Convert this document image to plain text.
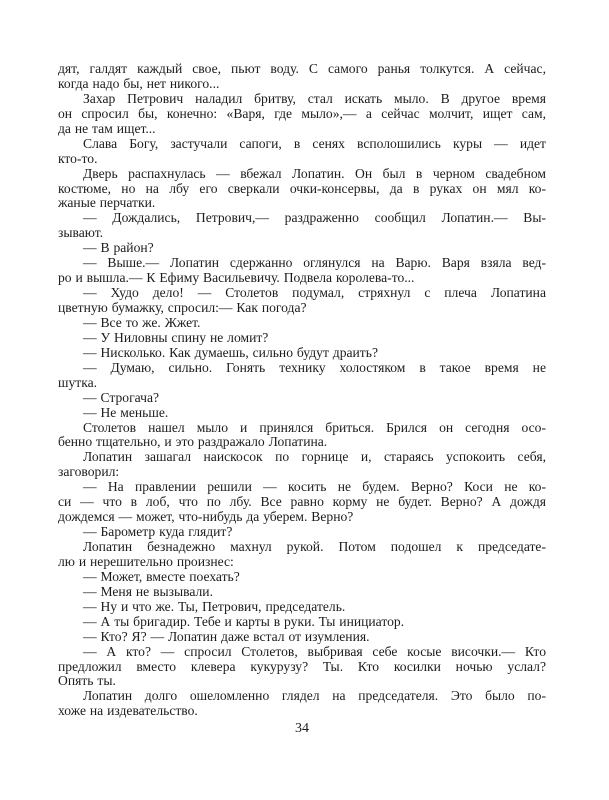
дят, галдят каждый свое, пьют воду. С самого ранья толкутся. А сейчас,
когда надо бы, нет никого...
Захар Петрович наладил бритву, стал искать мыло. В другое время
он спросил бы, конечно: «Варя, где мыло»,— а сейчас молчит, ищет сам,
да не там ищет...
Слава Богу, застучали сапоги, в сенях всполошились куры — идет
кто-то.
Дверь распахнулась — вбежал Лопатин. Он был в черном свадебном
костюме, но на лбу его сверкали очки-консервы, да в руках он мял ко-
жаные перчатки.
— Дождались, Петрович,— раздраженно сообщил Лопатин.— Вы-
зывают.
— В район?
— Выше.— Лопатин сдержанно оглянулся на Варю. Варя взяла вед-
ро и вышла.— К Ефиму Васильевичу. Подвела королева-то...
— Худо дело! — Столетов подумал, стряхнул с плеча Лопатина
цветную бумажку, спросил:— Как погода?
— Все то же. Жжет.
— У Ниловны спину не ломит?
— Нисколько. Как думаешь, сильно будут драить?
— Думаю, сильно. Гонять технику холостяком в такое время не
шутка.
— Строгача?
— Не меньше.
Столетов нашел мыло и принялся бриться. Брился он сегодня осо-
бенно тщательно, и это раздражало Лопатина.
Лопатин зашагал наискосок по горнице и, стараясь успокоить себя,
заговорил:
— На правлении решили — косить не будем. Верно? Коси не ко-
си — что в лоб, что по лбу. Все равно корму не будет. Верно? А дождя
дождемся — может, что-нибудь да уберем. Верно?
— Барометр куда глядит?
Лопатин безнадежно махнул рукой. Потом подошел к председате-
лю и нерешительно произнес:
— Может, вместе поехать?
— Меня не вызывали.
— Ну и что же. Ты, Петрович, председатель.
— А ты бригадир. Тебе и карты в руки. Ты инициатор.
— Кто? Я? — Лопатин даже встал от изумления.
— А кто? — спросил Столетов, выбривая себе косые височки.— Кто
предложил вместо клевера кукурузу? Ты. Кто косилки ночью услал?
Опять ты.
Лопатин долго ошеломленно глядел на председателя. Это было по-
хоже на издевательство.
34
